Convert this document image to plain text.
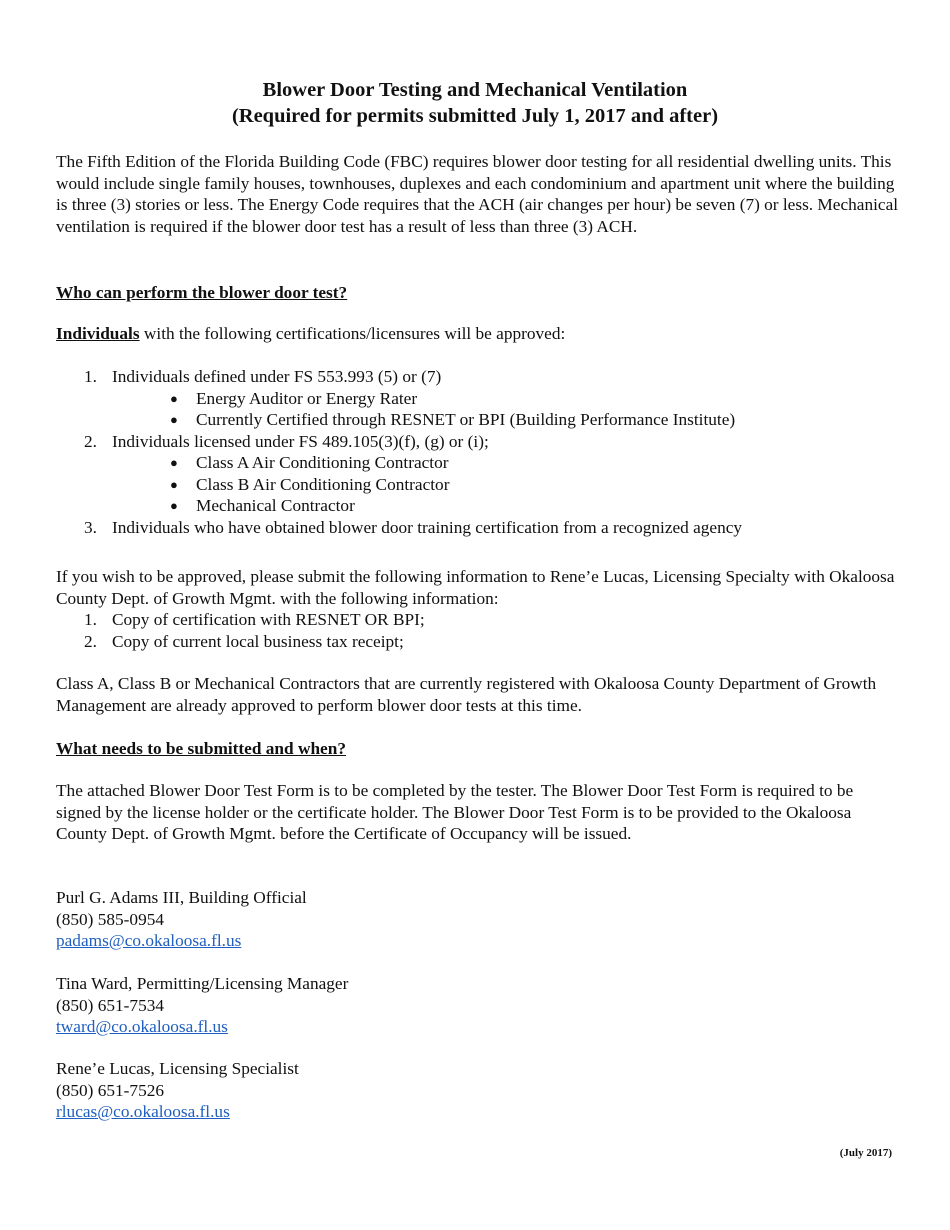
Blower Door Testing and Mechanical Ventilation
(Required for permits submitted July 1, 2017 and after)
The Fifth Edition of the Florida Building Code (FBC) requires blower door testing for all residential dwelling units. This would include single family houses, townhouses, duplexes and each condominium and apartment unit where the building is three (3) stories or less. The Energy Code requires that the ACH (air changes per hour) be seven (7) or less. Mechanical ventilation is required if the blower door test has a result of less than three (3) ACH.
Who can perform the blower door test?
Individuals with the following certifications/licensures will be approved:
1. Individuals defined under FS 553.993 (5) or (7)
● Energy Auditor or Energy Rater
● Currently Certified through RESNET or BPI (Building Performance Institute)
2. Individuals licensed under FS 489.105(3)(f), (g) or (i);
● Class A Air Conditioning Contractor
● Class B Air Conditioning Contractor
● Mechanical Contractor
3. Individuals who have obtained blower door training certification from a recognized agency
If you wish to be approved, please submit the following information to Rene’e Lucas, Licensing Specialty with Okaloosa County Dept. of Growth Mgmt. with the following information:
1. Copy of certification with RESNET OR BPI;
2. Copy of current local business tax receipt;
Class A, Class B or Mechanical Contractors that are currently registered with Okaloosa County Department of Growth Management are already approved to perform blower door tests at this time.
What needs to be submitted and when?
The attached Blower Door Test Form is to be completed by the tester. The Blower Door Test Form is required to be signed by the license holder or the certificate holder. The Blower Door Test Form is to be provided to the Okaloosa County Dept. of Growth Mgmt. before the Certificate of Occupancy will be issued.
Purl G. Adams III, Building Official
(850) 585-0954
padams@co.okaloosa.fl.us
Tina Ward, Permitting/Licensing Manager
(850) 651-7534
tward@co.okaloosa.fl.us
Rene’e Lucas, Licensing Specialist
(850) 651-7526
rlucas@co.okaloosa.fl.us
(July 2017)
